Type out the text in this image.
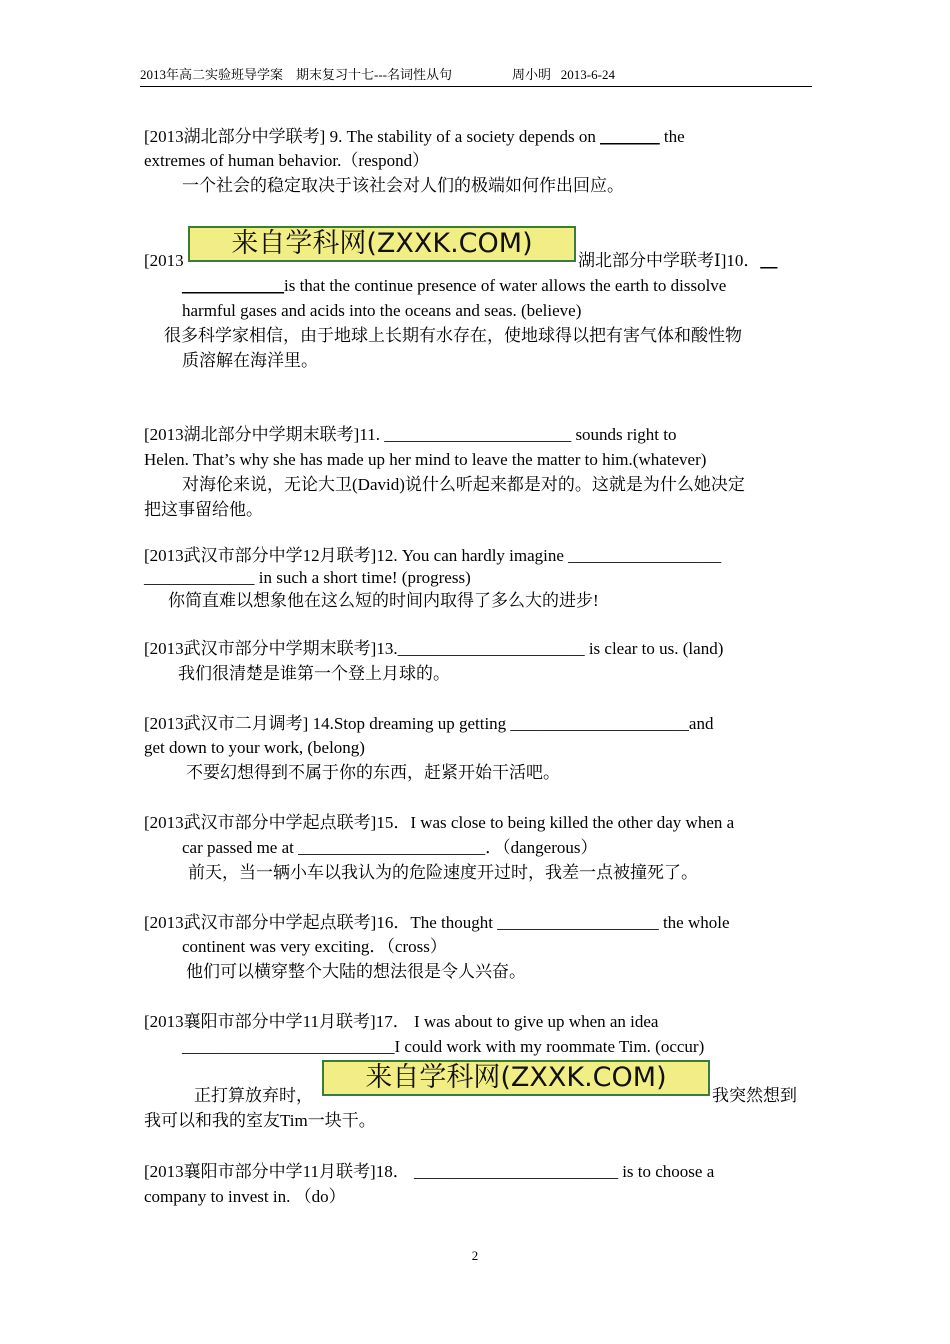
2013年高二实验班导学案 期末复习十七---名词性从句	周小明 2013-6-24
[2013湖北部分中学联考] 9. The stability of a society depends on _______ the
extremes of human behavior.（respond）
一个社会的稳定取决于该社会对人们的极端如何作出回应。
[2013
来自学科网(ZXXK.COM)
湖北部分中学联考Ⅰ]10．__
____________is that the continue presence of water allows the earth to dissolve
harmful gases and acids into the oceans and seas. (believe)
很多科学家相信，由于地球上长期有水存在，使地球得以把有害气体和酸性物
质溶解在海洋里。
[2013湖北部分中学期末联考]11. ______________________ sounds right to
Helen. That’s why she has made up her mind to leave the matter to him.(whatever)
对海伦来说，无论大卫(David)说什么听起来都是对的。这就是为什么她决定
把这事留给他。
[2013武汉市部分中学12月联考]12. You can hardly imagine __________________
_____________ in such a short time! (progress)
你简直难以想象他在这么短的时间内取得了多么大的进步!
[2013武汉市部分中学期末联考]13.______________________ is clear to us. (land)
我们很清楚是谁第一个登上月球的。
[2013武汉市二月调考] 14.Stop dreaming up getting _____________________and
get down to your work, (belong)
不要幻想得到不属于你的东西，赶紧开始干活吧。
[2013武汉市部分中学起点联考]15．I was close to being killed the other day when a
car passed me at ______________________．（dangerous）
前天，当一辆小车以我认为的危险速度开过时，我差一点被撞死了。
[2013武汉市部分中学起点联考]16．The thought ___________________ the whole
continent was very exciting．（cross）
他们可以横穿整个大陆的想法很是令人兴奋。
[2013襄阳市部分中学11月联考]17． I was about to give up when an idea
_________________________I could work with my roommate Tim. (occur)
正打算放弃时，
来自学科网(ZXXK.COM)
我突然想到
我可以和我的室友Tim一块干。
[2013襄阳市部分中学11月联考]18． ________________________ is to choose a
company to invest in. （do）
2
